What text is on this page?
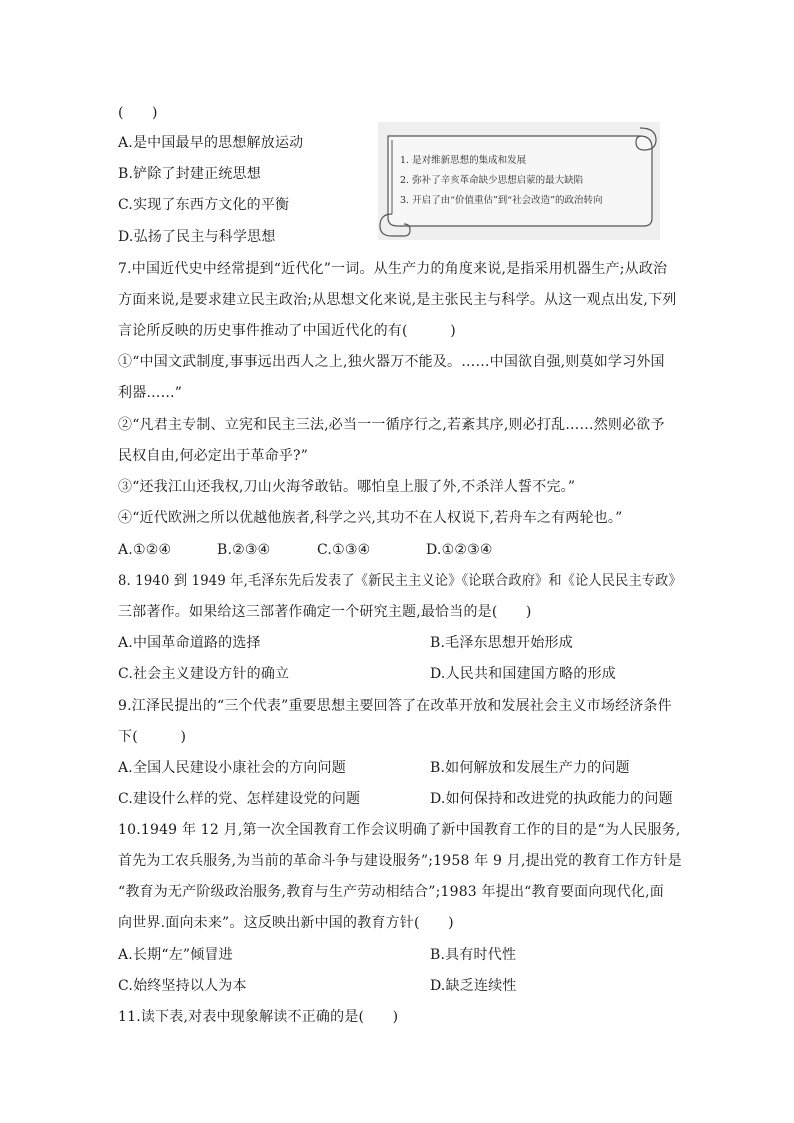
(　　)
A.是中国最早的思想解放运动
B.铲除了封建正统思想
C.实现了东西方文化的平衡
D.弘扬了民主与科学思想
1. 是对维新思想的集成和发展
2. 弥补了辛亥革命缺少思想启蒙的最大缺陷
3. 开启了由“价值重估”到“社会改造”的政治转向
7.中国近代史中经常提到“近代化”一词。从生产力的角度来说,是指采用机器生产;从政治
方面来说,是要求建立民主政治;从思想文化来说,是主张民主与科学。从这一观点出发,下列
言论所反映的历史事件推动了中国近代化的有(　　　)
①“中国文武制度,事事远出西人之上,独火器万不能及。……中国欲自强,则莫如学习外国
利器……”
②“凡君主专制、立宪和民主三法,必当一一循序行之,若紊其序,则必打乱……然则必欲予
民权自由,何必定出于革命乎?”
③“还我江山还我权,刀山火海爷敢钻。哪怕皇上服了外,不杀洋人誓不完。”
④“近代欧洲之所以优越他族者,科学之兴,其功不在人权说下,若舟车之有两轮也。”
A.①②④	B.②③④	C.①③④	D.①②③④
8. 1940 到 1949 年,毛泽东先后发表了《新民主主义论》《论联合政府》和《论人民民主专政》
三部著作。如果给这三部著作确定一个研究主题,最恰当的是(　　)
A.中国革命道路的选择	B.毛泽东思想开始形成
C.社会主义建设方针的确立	D.人民共和国建国方略的形成
9.江泽民提出的“三个代表”重要思想主要回答了在改革开放和发展社会主义市场经济条件
下(　　　)
A.全国人民建设小康社会的方向问题	B.如何解放和发展生产力的问题
C.建设什么样的党、怎样建设党的问题	D.如何保持和改进党的执政能力的问题
10.1949 年 12 月,第一次全国教育工作会议明确了新中国教育工作的目的是“为人民服务,
首先为工农兵服务,为当前的革命斗争与建设服务”;1958 年 9 月,提出党的教育工作方针是
“教育为无产阶级政治服务,教育与生产劳动相结合”;1983 年提出“教育要面向现代化,面
向世界.面向未来”。这反映出新中国的教育方针(　　)
A.长期“左”倾冒进	B.具有时代性
C.始终坚持以人为本	D.缺乏连续性
11.读下表,对表中现象解读不正确的是(　　)
